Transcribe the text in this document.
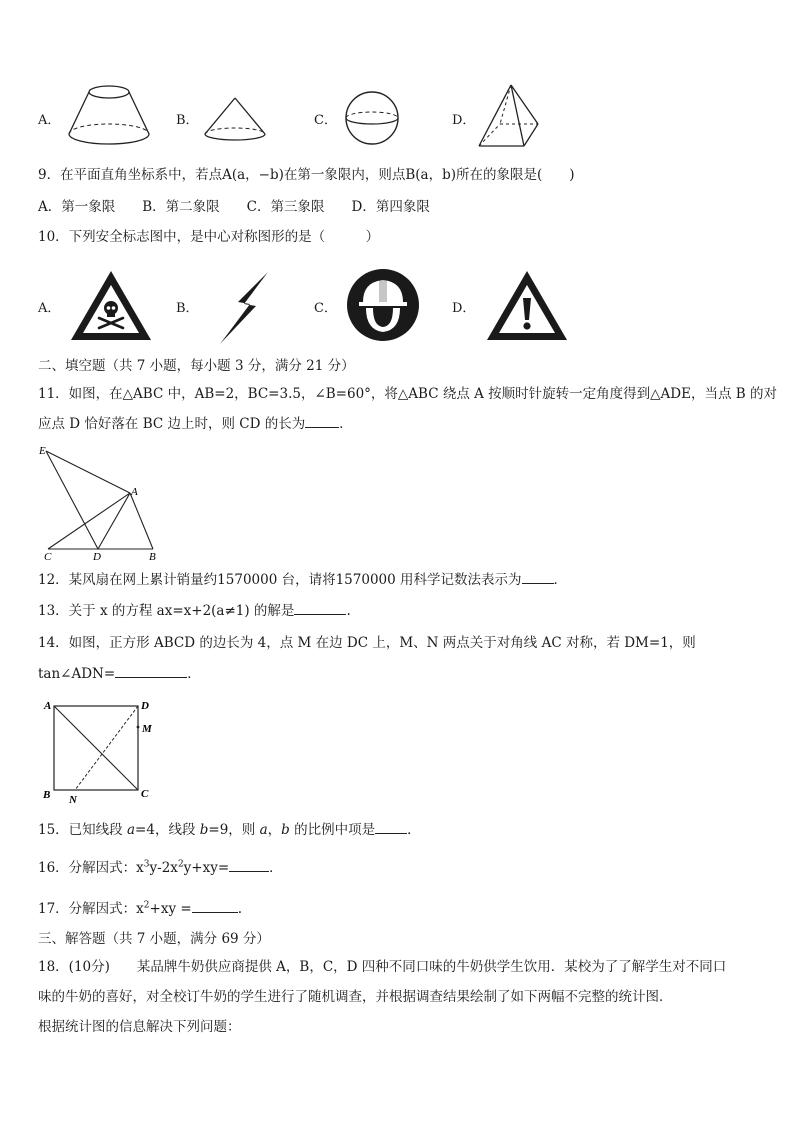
A．	B．	C．	D．
9．在平面直角坐标系中，若点A(a，−b)在第一象限内，则点B(a，b)所在的象限是(　　)
A．第一象限　　B．第二象限　　C．第三象限　　D．第四象限
10．下列安全标志图中，是中心对称图形的是（　　　）
A．	B．	C．	D．
二、填空题（共 7 小题，每小题 3 分，满分 21 分）
11．如图，在△ABC 中，AB=2，BC=3.5，∠B=60°，将△ABC 绕点 A 按顺时针旋转一定角度得到△ADE，当点 B 的对
应点 D 恰好落在 BC 边上时，则 CD 的长为	．
E
A
C	D	B
12．某风扇在网上累计销量约1570000 台，请将1570000 用科学记数法表示为 ．
13．关于 x 的方程 ax=x+2(a≠1) 的解是	.
14．如图，正方形 ABCD 的边长为 4，点 M 在边 DC 上，M、N 两点关于对角线 AC 对称，若 DM=1，则
tan∠ADN=	．
A	D
M
B N	C
15．已知线段 a=4，线段 b=9，则 a，b 的比例中项是 ．
16．分解因式：$x^3y-2x^2y+xy=$	．
17．分解因式：$x^2+xy$ =	.
三、解答题（共 7 小题，满分 69 分）
18．(10分)　　某品牌牛奶供应商提供 A，B，C，D 四种不同口味的牛奶供学生饮用．某校为了了解学生对不同口
味的牛奶的喜好，对全校订牛奶的学生进行了随机调查，并根据调查结果绘制了如下两幅不完整的统计图．
根据统计图的信息解决下列问题：
